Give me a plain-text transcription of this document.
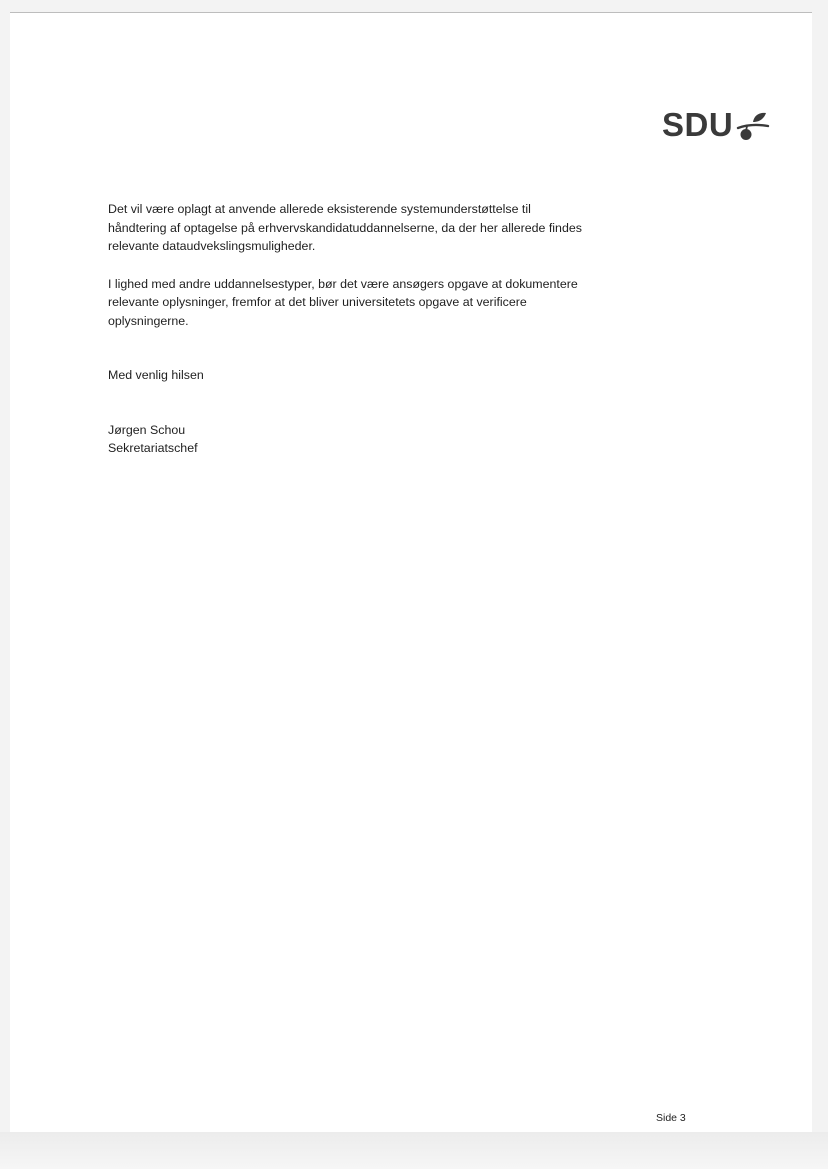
SDU

Det vil være oplagt at anvende allerede eksisterende systemunderstøttelse til
håndtering af optagelse på erhvervskandidatuddannelserne, da der her allerede findes
relevante dataudvekslingsmuligheder.

I lighed med andre uddannelsestyper, bør det være ansøgers opgave at dokumentere
relevante oplysninger, fremfor at det bliver universitetets opgave at verificere
oplysningerne.

Med venlig hilsen
Jørgen Schou
Sekretariatschef
Side 3
